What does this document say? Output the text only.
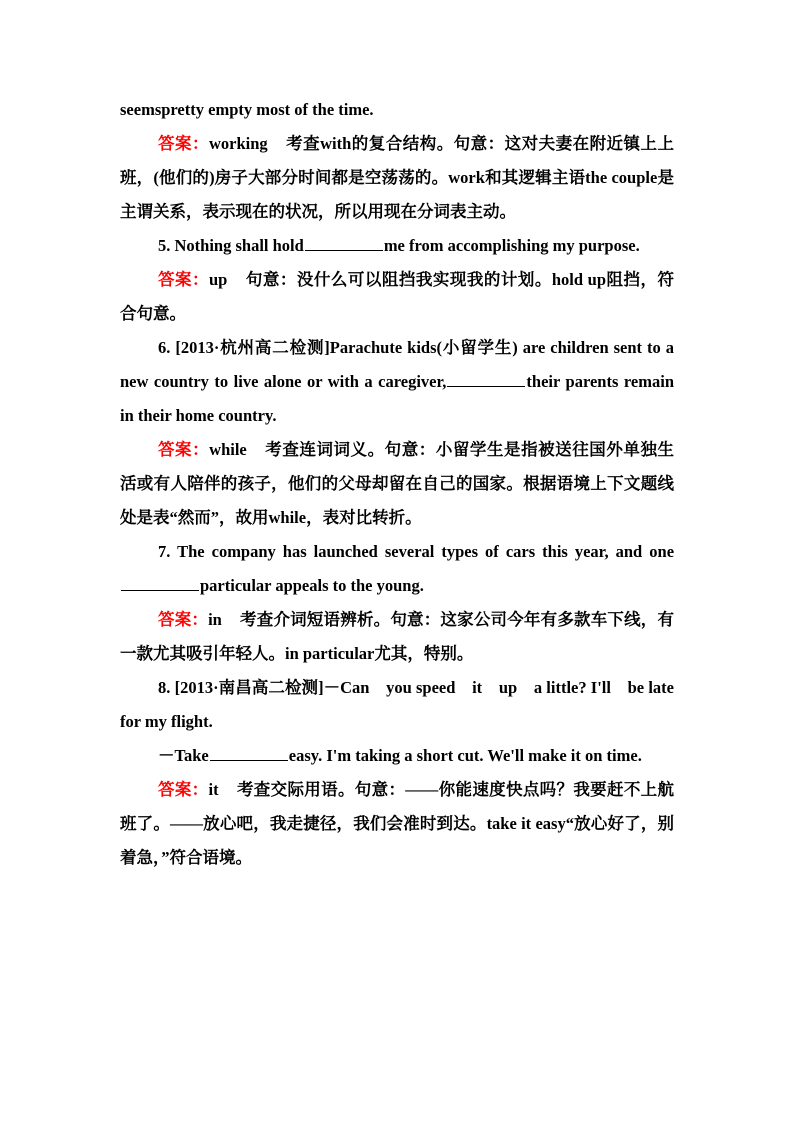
seemspretty empty most of the time.

答案：working 考查with的复合结构。句意：这对夫妻在附近镇上上班，(他们的)房子大部分时间都是空荡荡的。work和其逻辑主语the couple是主谓关系，表示现在的状况，所以用现在分词表主动。

5. Nothing shall hold	me from accomplishing my purpose.

答案：up 句意：没什么可以阻挡我实现我的计划。hold up阻挡，符合句意。

6. [2013·杭州高二检测]Parachute kids(小留学生) are children sent to a new country to live alone or with a caregiver,	their parents remain in their home country.

答案：while 考查连词词义。句意：小留学生是指被送往国外单独生活或有人陪伴的孩子，他们的父母却留在自己的国家。根据语境上下文题线处是表“然而”，故用while，表对比转折。

7. The company has launched several types of cars this year, and oneparticular appeals to the young.

答案：in 考查介词短语辨析。句意：这家公司今年有多款车下线，有一款尤其吸引年轻人。in particular尤其，特别。

8. [2013·南昌高二检测]－Can　you speed　it　up　a little? I'll　be late for my flight.

－Take	easy. I'm taking a short cut. We'll make it on time.

答案：it 考查交际用语。句意：——你能速度快点吗？我要赶不上航班了。——放心吧，我走捷径，我们会准时到达。take it easy“放心好了，别着急，”符合语境。
